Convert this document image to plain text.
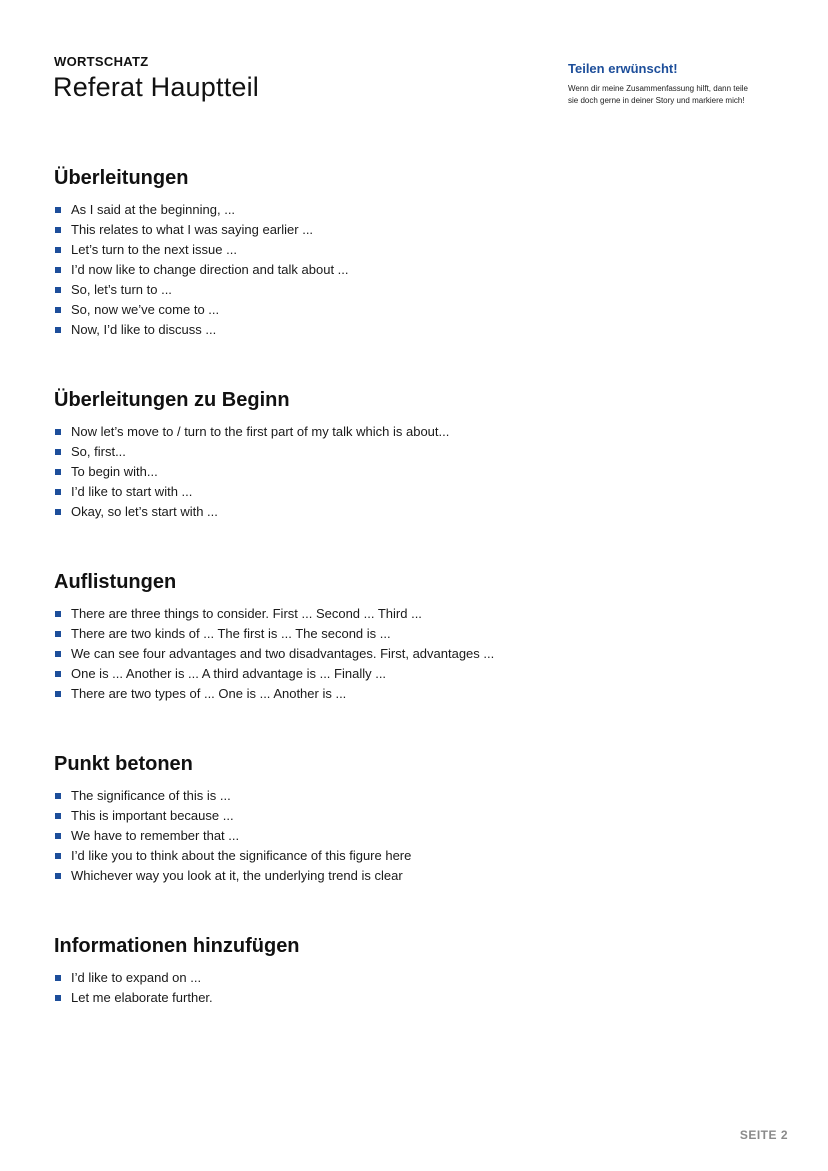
WORTSCHATZ
Referat Hauptteil
Teilen erwünscht!
Wenn dir meine Zusammenfassung hilft, dann teile
sie doch gerne in deiner Story und markiere mich!
Überleitungen
As I said at the beginning, ...
This relates to what I was saying earlier ...
Let’s turn to the next issue ...
I’d now like to change direction and talk about ...
So, let’s turn to ...
So, now we’ve come to ...
Now, I’d like to discuss ...
Überleitungen zu Beginn
Now let’s move to / turn to the first part of my talk which is about...
So, first...
To begin with...
I’d like to start with ...
Okay, so let’s start with ...
Auflistungen
There are three things to consider. First ... Second ... Third ...
There are two kinds of ... The first is ... The second is ...
We can see four advantages and two disadvantages. First, advantages ...
One is ... Another is ... A third advantage is ... Finally ...
There are two types of ... One is ... Another is ...
Punkt betonen
The significance of this is ...
This is important because ...
We have to remember that ...
I’d like you to think about the significance of this figure here
Whichever way you look at it, the underlying trend is clear
Informationen hinzufügen
I’d like to expand on ...
Let me elaborate further.
SEITE 2
